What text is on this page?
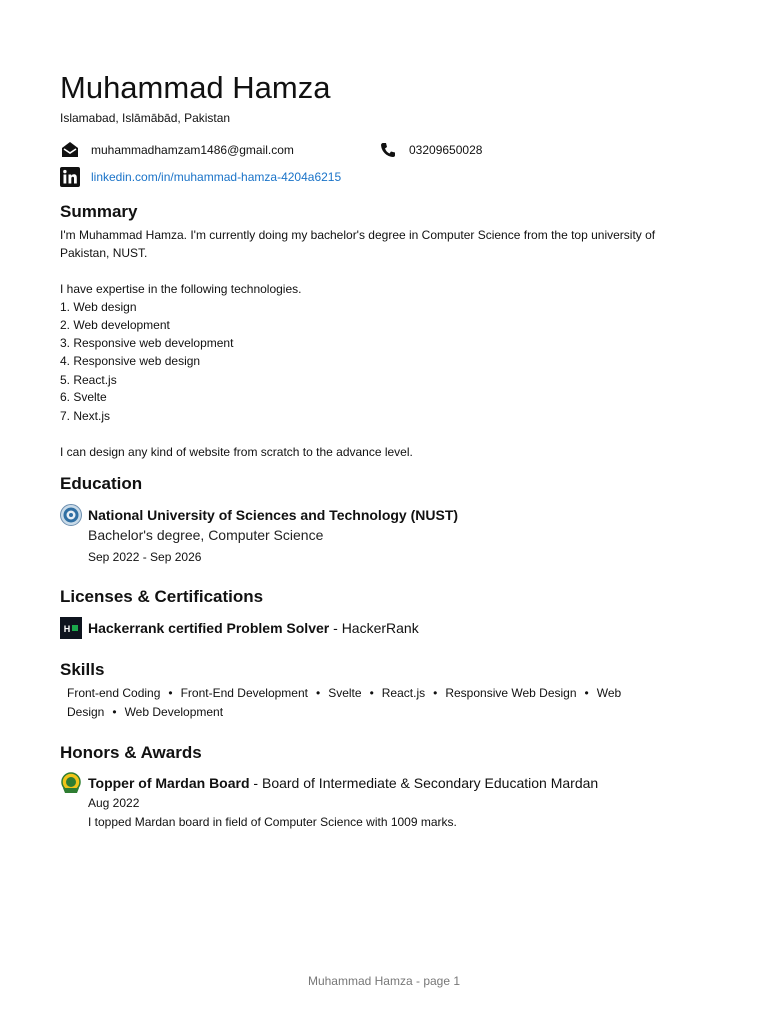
Muhammad Hamza
Islamabad, Islāmābād, Pakistan
muhammadhamzam1486@gmail.com	03209650028
linkedin.com/in/muhammad-hamza-4204a6215
Summary
I'm Muhammad Hamza. I'm currently doing my bachelor's degree in Computer Science from the top university of
Pakistan, NUST.
I have expertise in the following technologies.
1. Web design
2. Web development
3. Responsive web development
4. Responsive web design
5. React.js
6. Svelte
7. Next.js
I can design any kind of website from scratch to the advance level.
Education
National University of Sciences and Technology (NUST)
Bachelor's degree, Computer Science
Sep 2022 - Sep 2026
Licenses & Certifications
H Hackerrank certified Problem Solver - HackerRank
Skills
Front-end Coding • Front-End Development • Svelte • React.js • Responsive Web Design • Web
Design • Web Development
Honors & Awards
Topper of Mardan Board - Board of Intermediate & Secondary Education Mardan
Aug 2022
I topped Mardan board in field of Computer Science with 1009 marks.
Muhammad Hamza - page 1
